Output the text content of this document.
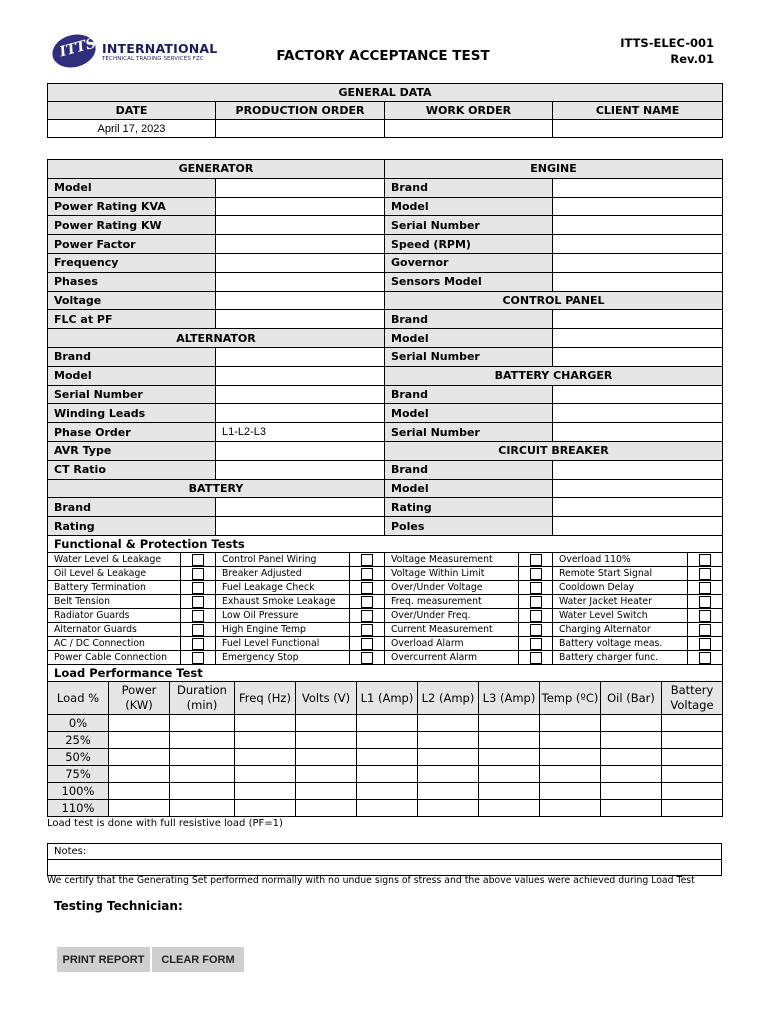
ITTS INTERNATIONAL
TECHNICAL TRADING SERVICES FZC	FACTORY ACCEPTANCE TEST
ITTS-ELEC-001
Rev.01
GENERAL DATA			
DATE	PRODUCTION ORDER	WORK ORDER	CLIENT NAME
April 17, 2023			
GENERATOR		ENGINE	
Model		Brand	
Power Rating KVA		Model	
Power Rating KW		Serial Number	
Power Factor		Speed (RPM)	
Frequency		Governor	
Phases		Sensors Model	
Voltage		CONTROL PANEL	
FLC at PF		Brand	
ALTERNATOR		Model	
Brand		Serial Number	
Model		BATTERY CHARGER	
Serial Number		Brand	
Winding Leads		Model	
Phase Order	L1-L2-L3	Serial Number	
AVR Type		CIRCUIT BREAKER	
CT Ratio		Brand	
BATTERY		Model	
Brand		Rating	
Rating		Poles	
Functional & Protection Tests							
Water Level & Leakage		Control Panel Wiring		Voltage Measurement		Overload 110%	
Oil Level & Leakage		Breaker Adjusted		Voltage Within Limit		Remote Start Signal	
Battery Termination		Fuel Leakage Check		Over/Under Voltage		Cooldown Delay	
Belt Tension		Exhaust Smoke Leakage		Freq. measurement		Water Jacket Heater	
Radiator Guards		Low Oil Pressure		Over/Under Freq.		Water Level Switch	
Alternator Guards		High Engine Temp		Current Measurement		Charging Alternator	
AC / DC Connection		Fuel Level Functional		Overload Alarm		Battery voltage meas.	
Power Cable Connection		Emergency Stop		Overcurrent Alarm		Battery charger func.	
Load Performance Test										
Load %	Power (KW)	Duration (min)	Freq (Hz)	Volts (V)	L1 (Amp)	L2 (Amp)	L3 (Amp)	Temp (ºC)	Oil (Bar)	Battery Voltage
0%										
25%										
50%										
75%										
100%										
110%										
Load test is done with full resistive load (PF=1)
Notes:

We certify that the Generating Set performed normally with no undue signs of stress and the above values were achieved during Load Test
Testing Technician:
PRINT REPORT	CLEAR FORM
